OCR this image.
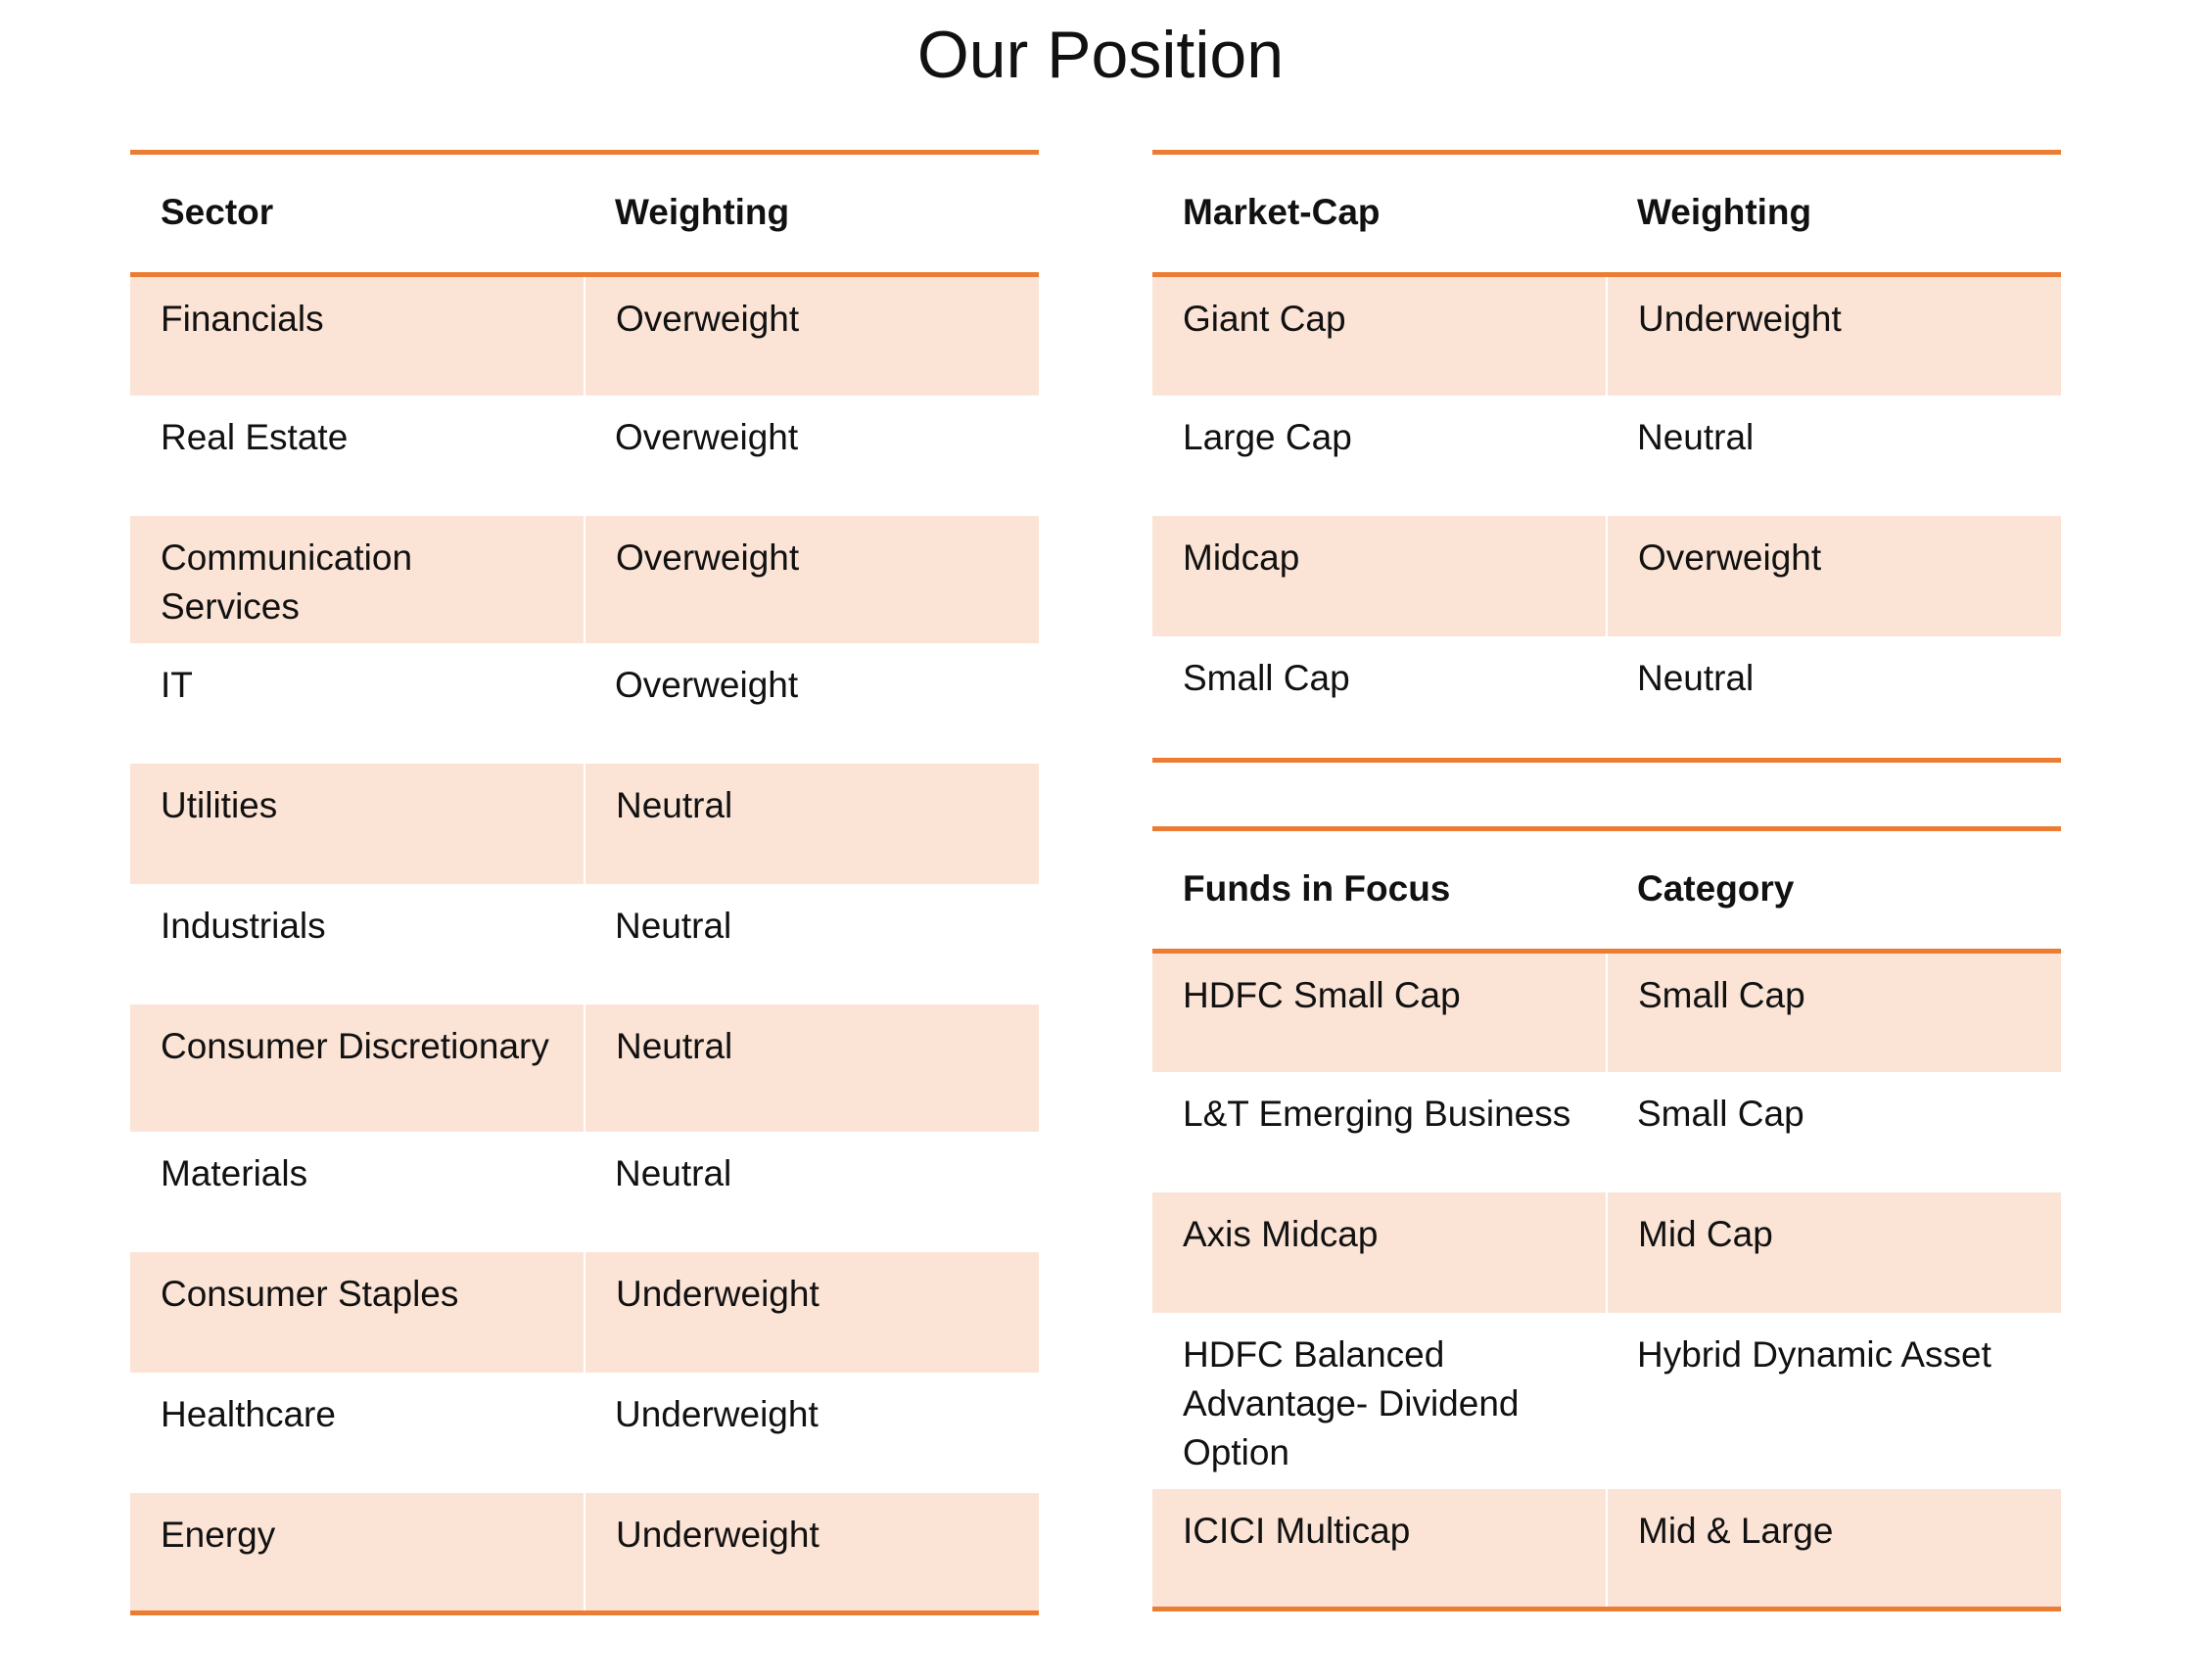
Our Position
Sector	Weighting
Financials	Overweight
Real Estate	Overweight
Communication Services	Overweight
IT	Overweight
Utilities	Neutral
Industrials	Neutral
Consumer Discretionary	Neutral
Materials	Neutral
Consumer Staples	Underweight
Healthcare	Underweight
Energy	Underweight
Market-Cap	Weighting
Giant Cap	Underweight
Large Cap	Neutral
Midcap	Overweight
Small Cap	Neutral
Funds in Focus	Category
HDFC Small Cap	Small Cap
L&T Emerging Business	Small Cap
Axis Midcap	Mid Cap
HDFC Balanced Advantage- Dividend Option	Hybrid Dynamic Asset
ICICI Multicap	Mid & Large
